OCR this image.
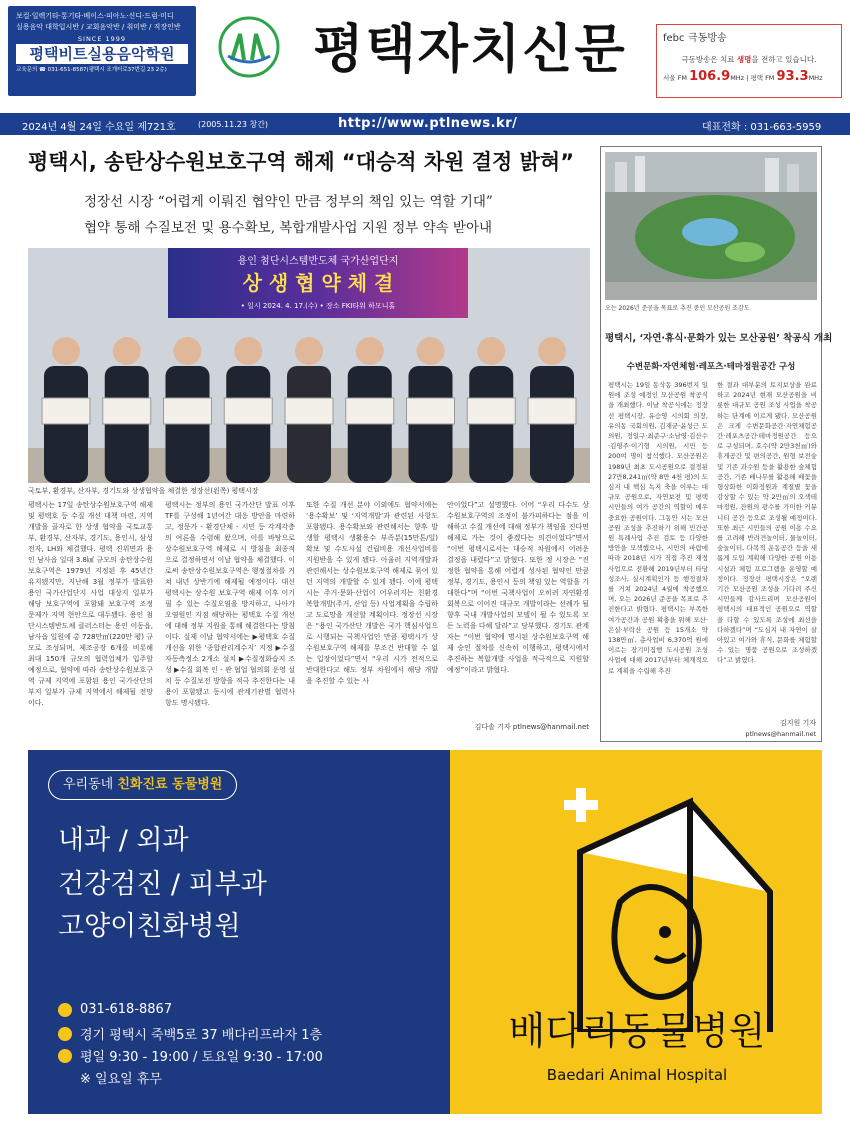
보컬·일렉기타·통기타·베이스·피아노·신디·드럼·미디
실용음악 대학입시반 / 교회음악반 / 취미반 / 직장인반
SINCE 1999
평택비트실용음악학원
교육문의 ☎ 031-651-8587(평택시 조개터로37번길 23 2층)	평택자치신문	febc 극동방송
극동방송은 치료 생명을 전하고 있습니다.
서울 FM 106.9MHz | 평택 FM 93.3MHz
2024년 4월 24일 수요일 제721호	(2005.11.23 창간)	http://www.ptlnews.kr/	대표전화 : 031-663-5959
평택시, 송탄상수원보호구역 해제 “대승적 차원 결정 밝혀”
정장선 시장 “어렵게 이뤄진 협약인 만큼 정부의 책임 있는 역할 기대”
협약 통해 수질보전 및 용수확보, 복합개발사업 지원 정부 약속 받아내
용인 첨단시스템반도체 국가산업단지
상 생 협 약 체 결
• 일시 2024. 4. 17.(수) • 장소 FKI타워 하모니홀
국토부, 환경부, 산자부, 경기도와 상생협약을 체결한 정장선(왼쪽) 평택시장
평택시는 17일 송탄상수원보호구역 해제 및 평택호 등 수질 개선 대책 마련, 지역개발을 골자로 한 상생 협약을 국토교통부, 환경부, 산자부, 경기도, 용인시, 삼성전자, LH와 체결했다. 평택 진위면과 용인 남사읍 일대 3.8㎢ 규모의 송탄상수원보호구역은 1979년 지정된 후 45년간 유지됐지만, 지난해 3월 정부가 발표한 용인 국가산업단지 사업 대상지 일부가 해당 보호구역에 포함돼 보호구역 조정 문제가 지역 현안으로 대두됐다. 용인 첨단시스템반도체 클러스터는 용인 이동읍, 남사읍 일원에 총 728만㎡(220만 평) 규모로 조성되며, 제조공장 6개를 비롯해 최대 150개 규모의 협력업체가 입주할 예정으로, 협약에 따라 송탄상수원보호구역 규제 지역에 포함된 용인 국가산단의 부지 일부가 규제 지역에서 해제될 전망이다.
평택시는 정부의 용인 국가산단 발표 이후 TF를 구성해 1년여간 대응 방안을 마련하고, 정문가 - 환경단체 - 시민 등 각계각층의 여론을 수렴해 왔으며, 이를 바탕으로 상수원보호구역 해제로 시 방침을 최종적으로 결정하면서 이날 협약을 체결했다. 이로써 송탄상수원보호구역은 행정절차를 거쳐 내년 상반기에 해제될 예정이다. 대신 평택시는 상수원 보호구역 해제 이후 이기필 수 있는 수질오염을 방지하고, 나아가 오염원인 지점 해당하는 평택호 수질 개선에 대해 정부 지원을 통해 해결한다는 방침이다. 실제 이날 협약서에는 ▶평택호 수질 개선을 위한 ‘종합관리계수지’ 지정 ▶수질자동측정소 2개소 설치 ▶수질정화습지 조성 ▶수질 회복 인 - 관 협업 협의회 운영 설치 등 수질보전 방향을 적극 추진한다는 내용이 포함됐고 동시에 관계기관별 협력사항도 명시됐다.
또한 수질 개선 분야 이외에도 협약서에는 ‘용수확보’ 및 ‘지역개발’과 관련된 사항도 포함됐다. 용수확보와 관련해서는 향후 발생할 평택시 생활용수 부족분(15만톤/일) 확보 및 수도시설 건립비용 개선사업비를 지원받을 수 있게 됐다. 아울러 지역개발과 관련해서는 상수원보호구역 해제로 묶여 있던 지역의 개발할 수 있게 됐다. 이에 평택시는 주거·문화·산업이 어우러지는 친환경 복합개발(주거, 산업 등) 사업계획을 수립하고 도로망을 개선할 계획이다. 정장선 시장은 “용인 국가산단 개발은 국가 핵심사업으로 시행되는 국책사업인 만큼 평택시가 상수원보호구역 해제를 무조건 반대할 수 없는 입장이었다”면서 “우리 시가 전적으로 반대한다고 해도 정부 차원에서 해당 개발을 추진할 수 있는 사
안이었다”고 설명했다. 이어 “우리 다수도 상수원보호구역의 조정이 불가피하다는 점을 이해하고 수질 개선에 대해 정부가 책임을 진다면 해제로 가는 것이 좋겠다는 의견이었다”면서 “이번 평택시로서는 대승적 차원에서 어려운 결정을 내렸다”고 밝혔다. 또한 정 시장은 “진정한 협약을 통해 어렵게 성사된 협약인 만큼 정부, 경기도, 용인시 등의 책임 있는 역할을 기대한다”며 “이번 국책사업이 오히려 자연환경 회복으로 이어진 대규모 개발이라는 선례가 될 향후 국내 개발사업의 모델이 될 수 있도록 모든 노력을 다해 달라”고 당부했다. 경기도 관계자는 “이번 협약에 명시된 상수원보호구역 해제 승인 절차를 신속히 이행하고, 평택시에서 추진하는 복합개발 사업을 적극적으로 지원할 예정”이라고 밝혔다.
김다솔 기자 ptlnews@hanmail.net
오는 2026년 준공을 목표로 추진 중인 모산공원 조감도
평택시, ‘자연·휴식·문화가 있는 모산공원’ 착공식 개최
수변문화·자연체험·레포츠·테마정원공간 구성
평택시는 19일 동삭동 396번지 일원에 조성 예정인 모산공원 착공식을 개최했다. 이날 착공식에는 정장선 평택시장, 유승영 시의회 의장, 유의동 국회의원, 김재균·윤성근 도의원, 정일구·최준구·소남영·김산수·김영주·이기형 시의원, 시민 등 200여 명이 참석했다. 모산공원은 1989년 최초 도시공원으로 결정된 27만8,241㎡(약 8만 4천 평)의 도심지 내 핵심 녹지 축을 이루는 대규모 공원으로, 자연보전 및 평택 시민들의 여가 공간의 역할이 매우 중요한 공원이다. 그동안 시는 모산공원 조성을 추진하기 위해 민간공원 특례사업 추진 검토 등 다양한 방안을 모색했으나, 시민의 바람에 따라 2018년 시가 직접 추진 재정사업으로 전환해 2019년부터 타당성조사, 실시계획인가 등 행정절차를 거쳐 2024년 4월에 착공했으며, 오는 2026년 준공을 목표로 추진한다고 밝혔다. 평택시는 부족한 여가공간과 공원 확충을 위해 모산·은실·부락산 공원 등 15개소 약 138만㎡, 총사업비 6,370억 원에 이르는 장기미집행 도시공원 조성 사업에 대해 2017년부터 체계적으로 계획을 수립해 추진
한 결과 대부분의 토지보상을 완료하고 2024년 현재 모산공원을 비롯한 대규모 공원 조성 사업을 착공하는 단계에 이르게 됐다. 모산공원은 크게 수변문화공간·자연체험공간·레포츠공간·테마정원공간 등으로 구성되며, 호수(약 2만3천㎡)와 휴게공간 및 편의공간, 원형 보전숲 및 기존 과수원 등을 활용한 숲체험 공간, 기존 배나무를 활용해 배꽃을 형상화한 이화정원과 계절별 꽃을 감상할 수 있는 약 2만㎡의 오색테마정원, 잔원의 광수를 가미한 커뮤니티 공간 등으로 조성될 예정이다. 또한 최근 시민들의 공원 이용 수요를 고려해 반려견놀이터, 물놀이터, 숲놀이터, 다목적 운동공간 등을 새롭게 도입 계획해 다양한 공원 이용 시설과 체험 프로그램을 운영할 예정이다. 정장선 평택시장은 “오랜 기간 모산공원 조성을 기다려 주신 시민들께 감사드리며 모산공원이 평택시의 대표적인 공원으로 역할을 다할 수 있도록 조성에 최선을 다하겠다”며 “도심지 내 자연이 살아있고 여가와 휴식, 문화를 체험할 수 있는 명품 공원으로 조성하겠다”고 밝혔다.
김지원 기자
ptlnews@hanmail.net
우리동네 친화진료 동물병원
내과 / 외과
건강검진 / 피부과
고양이친화병원
031-618-8867
경기 평택시 죽백5로 37 배다리프라자 1층
평일 9:30 - 19:00 / 토요일 9:30 - 17:00
※ 일요일 휴무
배다리동물병원
Baedari Animal Hospital
